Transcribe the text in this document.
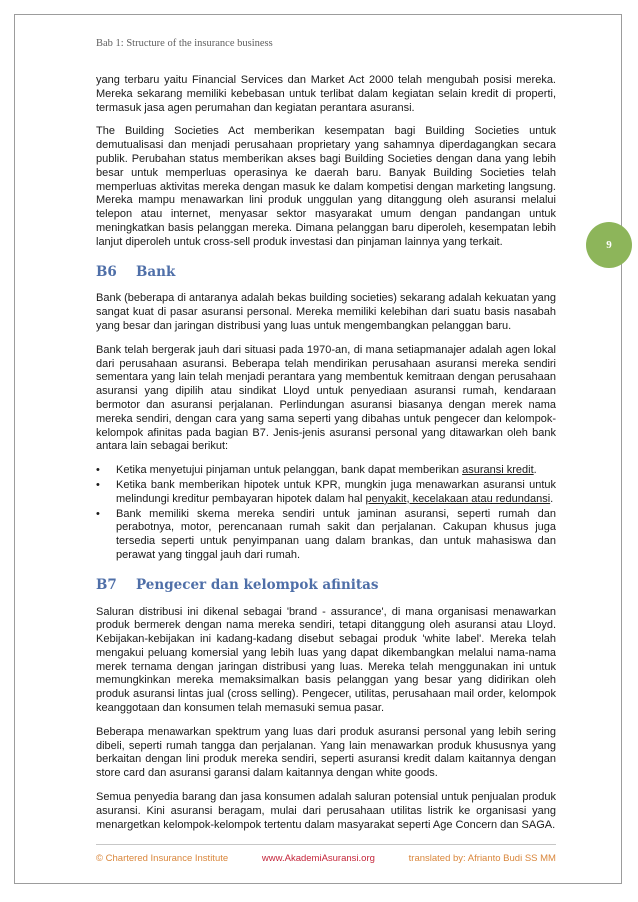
Bab 1: Structure of the insurance business
9

yang terbaru yaitu Financial Services dan Market Act 2000 telah mengubah posisi mereka. Mereka sekarang memiliki kebebasan untuk terlibat dalam kegiatan selain kredit di properti, termasuk jasa agen perumahan dan kegiatan perantara asuransi.

The Building Societies Act memberikan kesempatan bagi Building Societies untuk demutualisasi dan menjadi perusahaan proprietary yang sahamnya diperdagangkan secara publik. Perubahan status memberikan akses bagi Building Societies dengan dana yang lebih besar untuk memperluas operasinya ke daerah baru. Banyak Building Societies telah memperluas aktivitas mereka dengan masuk ke dalam kompetisi dengan marketing langsung. Mereka mampu menawarkan lini produk unggulan yang ditanggung oleh asuransi melalui telepon atau internet, menyasar sektor masyarakat umum dengan pandangan untuk meningkatkan basis pelanggan mereka. Dimana pelanggan baru diperoleh, kesempatan lebih lanjut diperoleh untuk cross-sell produk investasi dan pinjaman lainnya yang terkait.

B6	Bank

Bank (beberapa di antaranya adalah bekas building societies) sekarang adalah kekuatan yang sangat kuat di pasar asuransi personal. Mereka memiliki kelebihan dari suatu basis nasabah yang besar dan jaringan distribusi yang luas untuk mengembangkan pelanggan baru.

Bank telah bergerak jauh dari situasi pada 1970-an, di mana setiapmanajer adalah agen lokal dari perusahaan asuransi. Beberapa telah mendirikan perusahaan asuransi mereka sendiri sementara yang lain telah menjadi perantara yang membentuk kemitraan dengan perusahaan asuransi yang dipilih atau sindikat Lloyd untuk penyediaan asuransi rumah, kendaraan bermotor dan asuransi perjalanan. Perlindungan asuransi biasanya dengan merek nama mereka sendiri, dengan cara yang sama seperti yang dibahas untuk pengecer dan kelompok-kelompok afinitas pada bagian B7. Jenis-jenis asuransi personal yang ditawarkan oleh bank antara lain sebagai berikut:

•	Ketika menyetujui pinjaman untuk pelanggan, bank dapat memberikan asuransi kredit.
•	Ketika bank memberikan hipotek untuk KPR, mungkin juga menawarkan asuransi untuk melindungi kreditur pembayaran hipotek dalam hal penyakit, kecelakaan atau redundansi.
•	Bank memiliki skema mereka sendiri untuk jaminan asuransi, seperti rumah dan perabotnya, motor, perencanaan rumah sakit dan perjalanan. Cakupan khusus juga tersedia seperti untuk penyimpanan uang dalam brankas, dan untuk mahasiswa dan perawat yang tinggal jauh dari rumah.
B7	Pengecer dan kelompok afinitas

Saluran distribusi ini dikenal sebagai 'brand - assurance', di mana organisasi menawarkan produk bermerek dengan nama mereka sendiri, tetapi ditanggung oleh asuransi atau Lloyd. Kebijakan-kebijakan ini kadang-kadang disebut sebagai produk 'white label'. Mereka telah mengakui peluang komersial yang lebih luas yang dapat dikembangkan melalui nama-nama merek ternama dengan jaringan distribusi yang luas. Mereka telah menggunakan ini untuk memungkinkan mereka memaksimalkan basis pelanggan yang besar yang didirikan oleh produk asuransi lintas jual (cross selling). Pengecer, utilitas, perusahaan mail order, kelompok keanggotaan dan konsumen telah memasuki semua pasar.

Beberapa menawarkan spektrum yang luas dari produk asuransi personal yang lebih sering dibeli, seperti rumah tangga dan perjalanan. Yang lain menawarkan produk khususnya yang berkaitan dengan lini produk mereka sendiri, seperti asuransi kredit dalam kaitannya dengan store card dan asuransi garansi dalam kaitannya dengan white goods.

Semua penyedia barang dan jasa konsumen adalah saluran potensial untuk penjualan produk asuransi. Kini asuransi beragam, mulai dari perusahaan utilitas listrik ke organisasi yang menargetkan kelompok-kelompok tertentu dalam masyarakat seperti Age Concern dan SAGA.

© Chartered Insurance Institute	www.AkademiAsuransi.org	translated by: Afrianto Budi SS MM
